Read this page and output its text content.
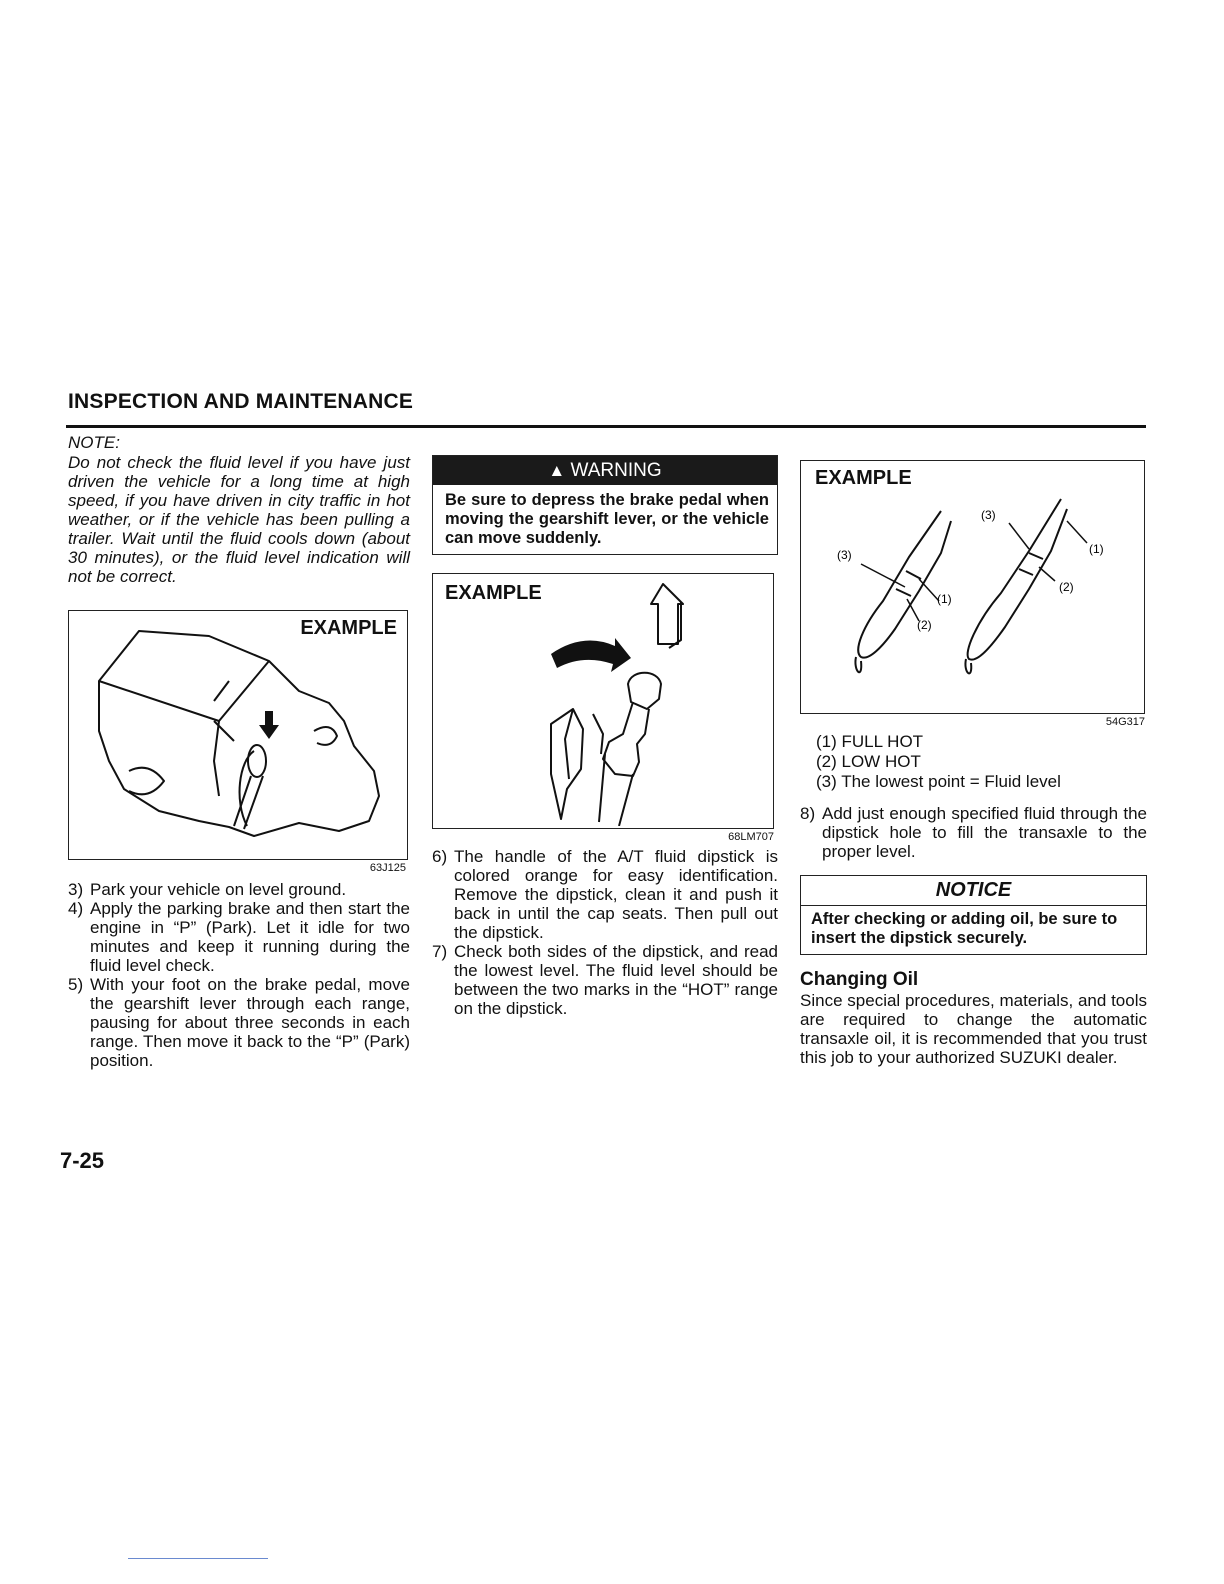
INSPECTION AND MAINTENANCE
NOTE:
Do not check the fluid level if you have just driven the vehicle for a long time at high speed, if you have driven in city traffic in hot weather, or if the vehicle has been pulling a trailer. Wait until the fluid cools down (about 30 minutes), or the fluid level indication will not be correct.
EXAMPLE
63J125
3) Park your vehicle on level ground.
4) Apply the parking brake and then start the engine in “P” (Park). Let it idle for two minutes and keep it running during the fluid level check.
5) With your foot on the brake pedal, move the gearshift lever through each range, pausing for about three seconds in each range. Then move it back to the “P” (Park) position.
▲ WARNING
Be sure to depress the brake pedal when moving the gearshift lever, or the vehicle can move suddenly.
EXAMPLE
68LM707
6) The handle of the A/T fluid dipstick is colored orange for easy identification. Remove the dipstick, clean it and push it back in until the cap seats. Then pull out the dipstick.
7) Check both sides of the dipstick, and read the lowest level. The fluid level should be between the two marks in the “HOT” range on the dipstick.
EXAMPLE
(3)
(1)
(2)
(3)
(1)
(2)
54G317
(1) FULL HOT
(2) LOW HOT
(3) The lowest point = Fluid level
8) Add just enough specified fluid through the dipstick hole to fill the transaxle to the proper level.
NOTICE
After checking or adding oil, be sure to insert the dipstick securely.
Changing Oil
Since special procedures, materials, and tools are required to change the automatic transaxle oil, it is recommended that you trust this job to your authorized SUZUKI dealer.
7-25
